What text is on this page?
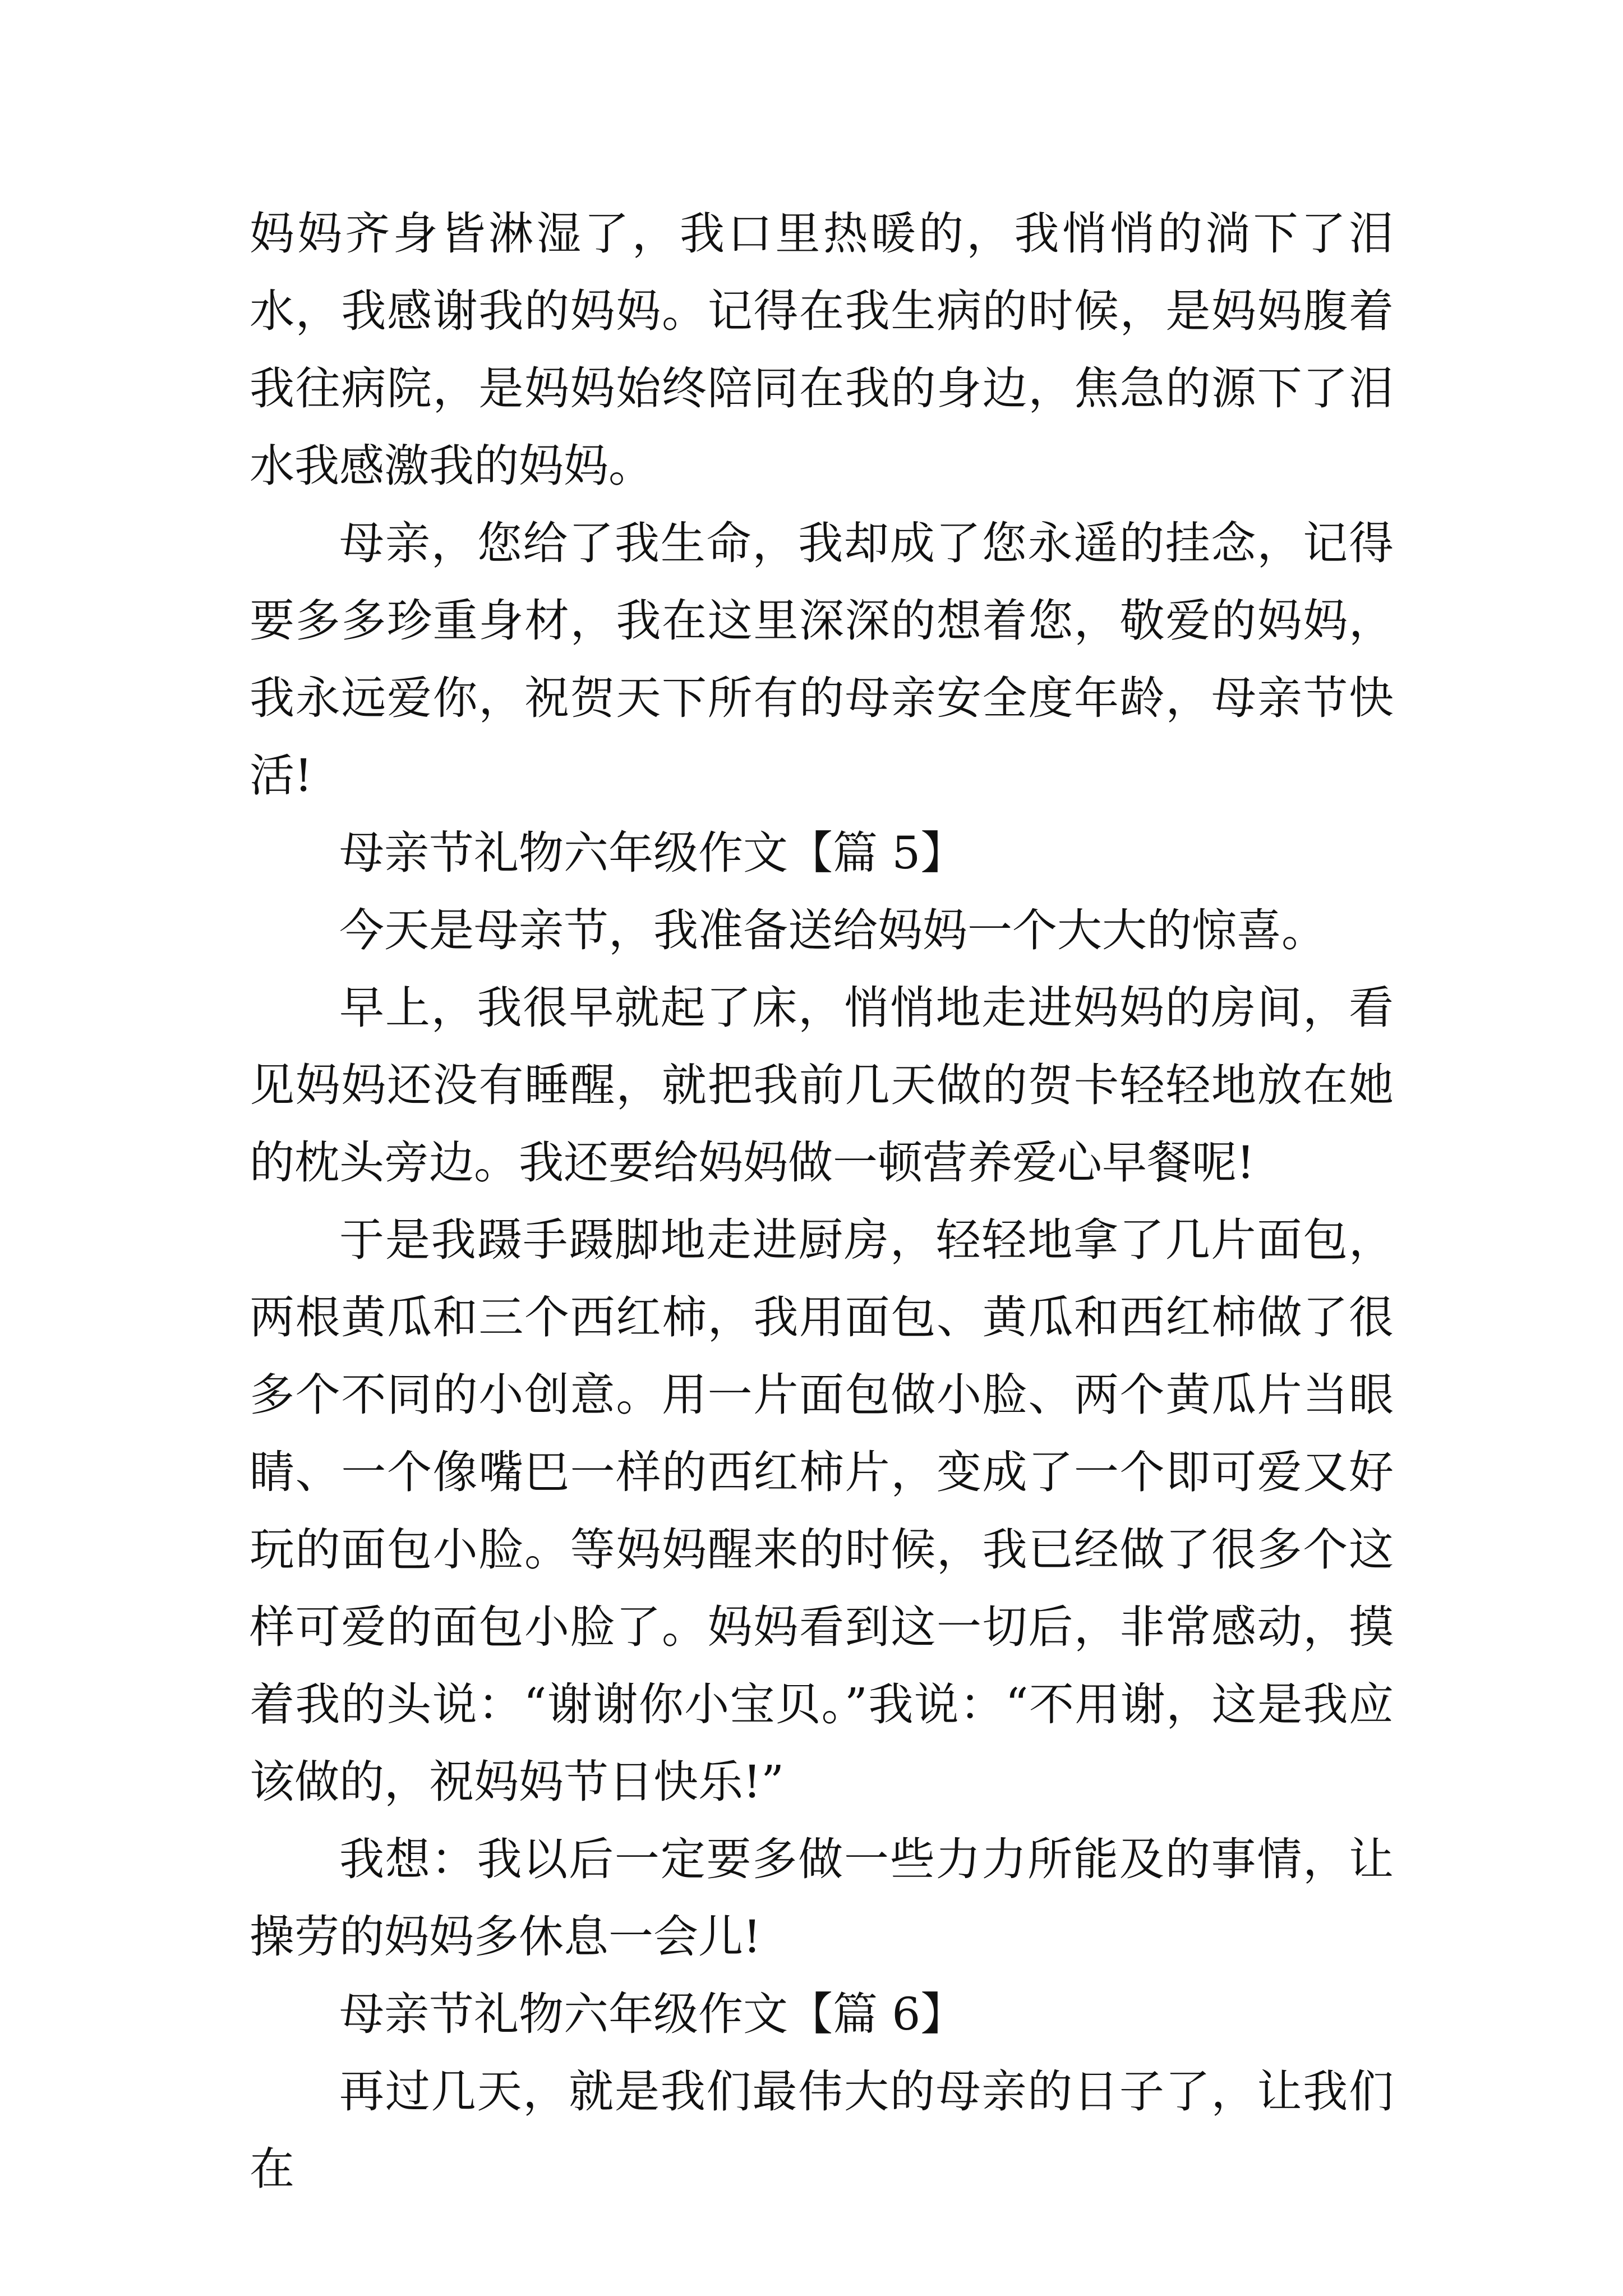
妈妈齐身皆淋湿了，我口里热暖的，我悄悄的淌下了泪水，我感谢我的妈妈。记得在我生病的时候，是妈妈腹着我往病院，是妈妈始终陪同在我的身边，焦急的源下了泪水我感激我的妈妈。

母亲，您给了我生命，我却成了您永遥的挂念，记得要多多珍重身材，我在这里深深的想着您，敬爱的妈妈，我永远爱你，祝贺天下所有的母亲安全度年龄，母亲节快活!

母亲节礼物六年级作文【篇 5】

今天是母亲节，我准备送给妈妈一个大大的惊喜。

早上，我很早就起了床，悄悄地走进妈妈的房间，看见妈妈还没有睡醒，就把我前几天做的贺卡轻轻地放在她的枕头旁边。我还要给妈妈做一顿营养爱心早餐呢!

于是我蹑手蹑脚地走进厨房，轻轻地拿了几片面包，两根黄瓜和三个西红柿，我用面包、黄瓜和西红柿做了很多个不同的小创意。用一片面包做小脸、两个黄瓜片当眼睛、一个像嘴巴一样的西红柿片，变成了一个即可爱又好玩的面包小脸。等妈妈醒来的时候，我已经做了很多个这样可爱的面包小脸了。妈妈看到这一切后，非常感动，摸着我的头说：“谢谢你小宝贝。”我说：“不用谢，这是我应该做的，祝妈妈节日快乐!”

我想：我以后一定要多做一些力力所能及的事情，让操劳的妈妈多休息一会儿!

母亲节礼物六年级作文【篇 6】

再过几天，就是我们最伟大的母亲的日子了，让我们在
